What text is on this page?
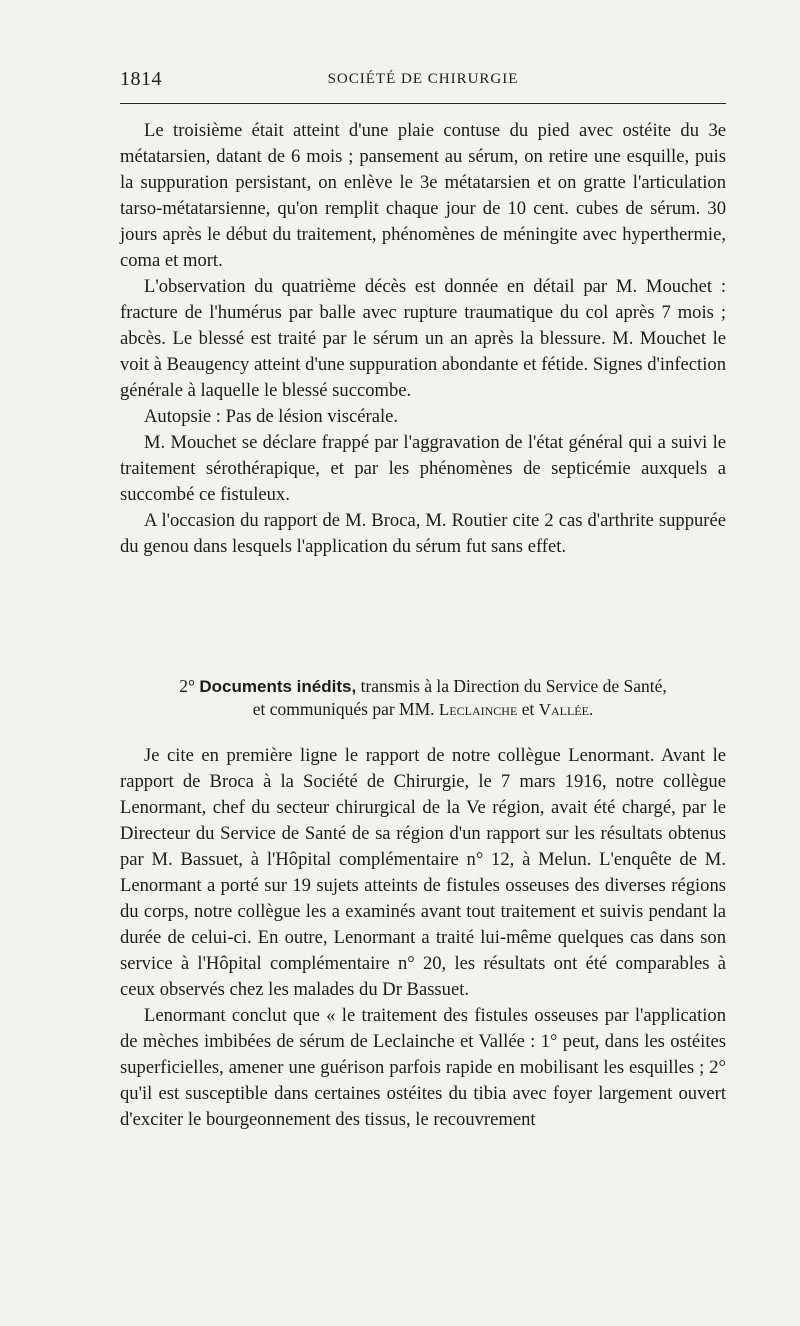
1814	SOCIÉTÉ DE CHIRURGIE

Le troisième était atteint d'une plaie contuse du pied avec ostéite du 3e métatarsien, datant de 6 mois ; pansement au sérum, on retire une esquille, puis la suppuration persistant, on enlève le 3e métatarsien et on gratte l'articulation tarso-métatarsienne, qu'on remplit chaque jour de 10 cent. cubes de sérum. 30 jours après le début du traitement, phénomènes de méningite avec hyperthermie, coma et mort.

L'observation du quatrième décès est donnée en détail par M. Mouchet : fracture de l'humérus par balle avec rupture traumatique du col après 7 mois ; abcès. Le blessé est traité par le sérum un an après la blessure. M. Mouchet le voit à Beaugency atteint d'une suppuration abondante et fétide. Signes d'infection générale à laquelle le blessé succombe.

Autopsie : Pas de lésion viscérale.

M. Mouchet se déclare frappé par l'aggravation de l'état général qui a suivi le traitement sérothérapique, et par les phénomènes de septicémie auxquels a succombé ce fistuleux.

A l'occasion du rapport de M. Broca, M. Routier cite 2 cas d'arthrite suppurée du genou dans lesquels l'application du sérum fut sans effet.

2° Documents inédits, transmis à la Direction du Service de Santé,
et communiqués par MM. Leclainche et Vallée.

Je cite en première ligne le rapport de notre collègue Lenormant. Avant le rapport de Broca à la Société de Chirurgie, le 7 mars 1916, notre collègue Lenormant, chef du secteur chirurgical de la Ve région, avait été chargé, par le Directeur du Service de Santé de sa région d'un rapport sur les résultats obtenus par M. Bassuet, à l'Hôpital complémentaire n° 12, à Melun. L'enquête de M. Lenormant a porté sur 19 sujets atteints de fistules osseuses des diverses régions du corps, notre collègue les a examinés avant tout traitement et suivis pendant la durée de celui-ci. En outre, Lenormant a traité lui-même quelques cas dans son service à l'Hôpital complémentaire n° 20, les résultats ont été comparables à ceux observés chez les malades du Dr Bassuet.

Lenormant conclut que « le traitement des fistules osseuses par l'application de mèches imbibées de sérum de Leclainche et Vallée : 1° peut, dans les ostéites superficielles, amener une guérison parfois rapide en mobilisant les esquilles ; 2° qu'il est susceptible dans certaines ostéites du tibia avec foyer largement ouvert d'exciter le bourgeonnement des tissus, le recouvrement
